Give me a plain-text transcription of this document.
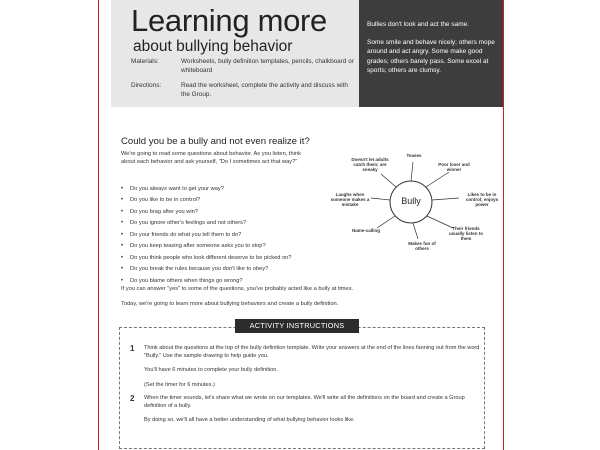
Learning more
about bullying behavior
Materials:	Worksheets, bully definition templates, pencils, chalkboard or whiteboard
Directions:	Read the worksheet, complete the activity and discuss with the Group.
Bullies don't look and act the same.
Some smile and behave nicely; others mope around and act angry. Some make good grades; others barely pass. Some excel at sports; others are clumsy.
Could you be a bully and not even realize it?
We're going to read some questions about behavior. As you listen, think about each behavior and ask yourself, "Do I sometimes act that way?"
• Do you always want to get your way?
• Do you like to be in control?
• Do you brag after you win?
• Do you ignore other's feelings and not others?
• Do your friends do what you tell them to do?
• Do you keep teasing after someone asks you to stop?
• Do you think people who look different deserve to be picked on?
• Do you break the rules because you don't like to obey?
• Do you blame others when things go wrong?
If you can answer "yes" to some of the questions, you've probably acted like a bully at times.
Today, we're going to learn more about bullying behaviors and create a bully definition.
Bully
Teases
Poor loser and winner
Likes to be in control; enjoys power
Their friends usually listen to them
Makes fun of others
Name-calling
Laughs when someone makes a mistake
Doesn't let adults catch them; are sneaky
1 Think about the questions at the top of the bully definition template. Write your answers at the end of the lines fanning out from the word "Bully." Use the sample drawing to help guide you.
You'll have 6 minutes to complete your bully definition.
(Set the timer for 6 minutes.)
2 When the timer sounds, let's share what we wrote on our templates. We'll write all the definitions on the board and create a Group definition of a bully.
By doing so, we'll all have a better understanding of what bullying behavior looks like.
ACTIVITY INSTRUCTIONS
